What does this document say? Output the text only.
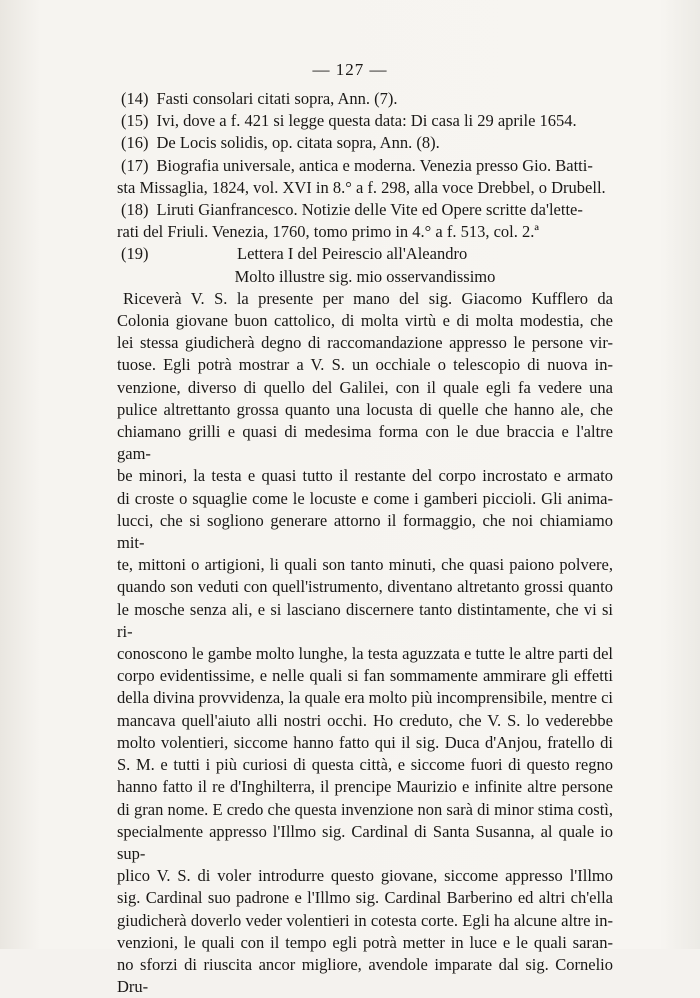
— 127 —

(14) Fasti consolari citati sopra, Ann. (7).

(15) Ivi, dove a f. 421 si legge questa data: Di casa li 29 aprile 1654.

(16) De Locis solidis, op. citata sopra, Ann. (8).

(17) Biografia universale, antica e moderna. Venezia presso Gio. Batti-

sta Missaglia, 1824, vol. XVI in 8.° a f. 298, alla voce Drebbel, o Drubell.

(18) Liruti Gianfrancesco. Notizie delle Vite ed Opere scritte da'lette-

rati del Friuli. Venezia, 1760, tomo primo in 4.° a f. 513, col. 2.ª

(19)	Lettera I del Peirescio all'Aleandro

Molto illustre sig. mio osservandissimo

Riceverà V. S. la presente per mano del sig. Giacomo Kufflero da
Colonia giovane buon cattolico, di molta virtù e di molta modestia, che
lei stessa giudicherà degno di raccomandazione appresso le persone vir-
tuose. Egli potrà mostrar a V. S. un occhiale o telescopio di nuova in-
venzione, diverso di quello del Galilei, con il quale egli fa vedere una
pulice altrettanto grossa quanto una locusta di quelle che hanno ale, che
chiamano grilli e quasi di medesima forma con le due braccia e l'altre gam-
be minori, la testa e quasi tutto il restante del corpo incrostato e armato
di croste o squaglie come le locuste e come i gamberi piccioli. Gli anima-
lucci, che si sogliono generare attorno il formaggio, che noi chiamiamo mit-
te, mittoni o artigioni, li quali son tanto minuti, che quasi paiono polvere,
quando son veduti con quell'istrumento, diventano altretanto grossi quanto
le mosche senza ali, e si lasciano discernere tanto distintamente, che vi si ri-
conoscono le gambe molto lunghe, la testa aguzzata e tutte le altre parti del
corpo evidentissime, e nelle quali si fan sommamente ammirare gli effetti
della divina provvidenza, la quale era molto più incomprensibile, mentre ci
mancava quell'aiuto alli nostri occhi. Ho creduto, che V. S. lo vederebbe
molto volentieri, siccome hanno fatto qui il sig. Duca d'Anjou, fratello di
S. M. e tutti i più curiosi di questa città, e siccome fuori di questo regno
hanno fatto il re d'Inghilterra, il prencipe Maurizio e infinite altre persone
di gran nome. E credo che questa invenzione non sarà di minor stima costì,
specialmente appresso l'Illmo sig. Cardinal di Santa Susanna, al quale io sup-
plico V. S. di voler introdurre questo giovane, siccome appresso l'Illmo
sig. Cardinal suo padrone e l'Illmo sig. Cardinal Barberino ed altri ch'ella
giudicherà doverlo veder volentieri in cotesta corte. Egli ha alcune altre in-
venzioni, le quali con il tempo egli potrà metter in luce e le quali saran-
no sforzi di riuscita ancor migliore, avendole imparate dal sig. Cornelio Dru-
